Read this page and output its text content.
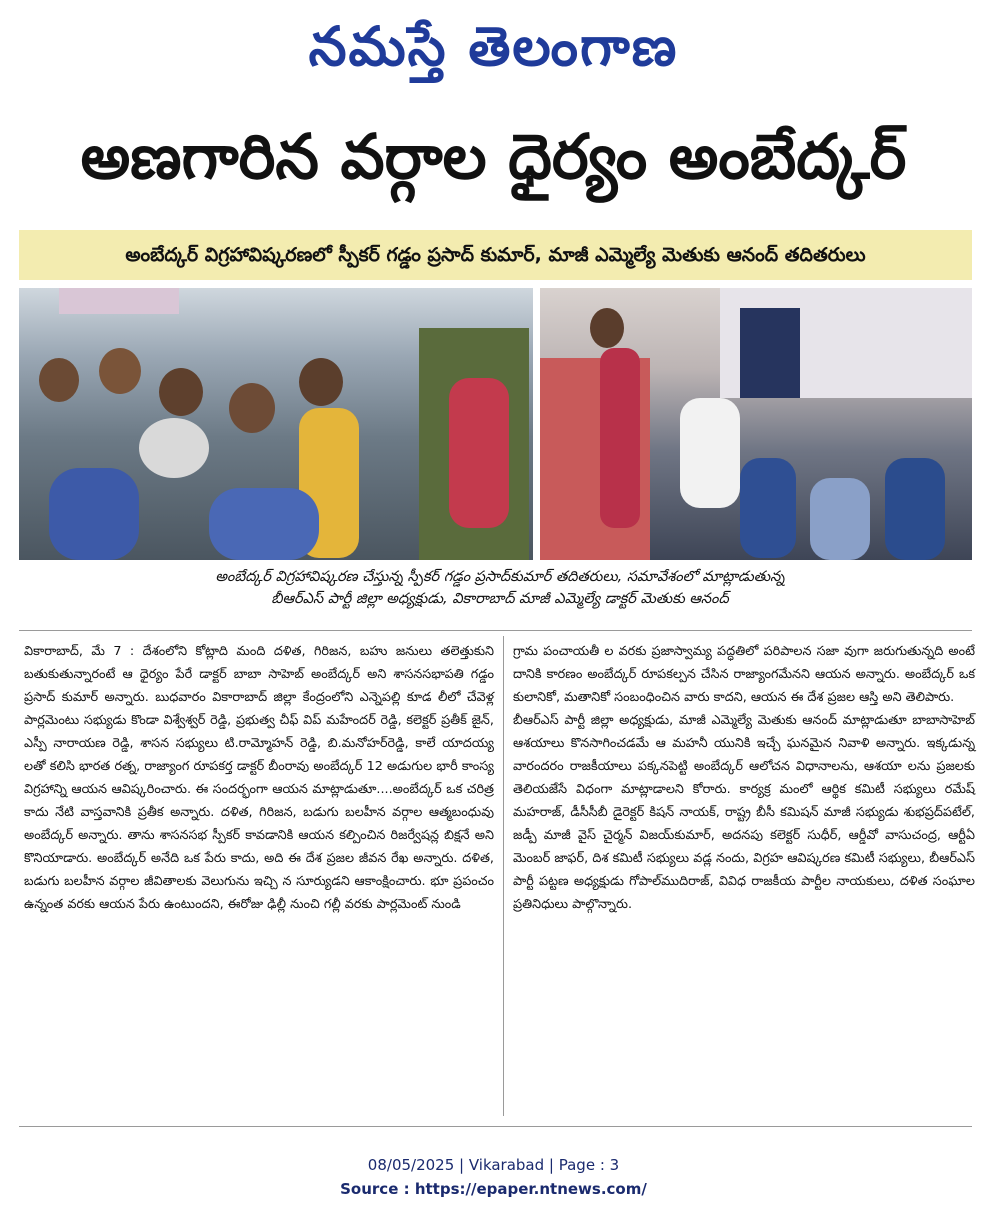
నమస్తే తెలంగాణ
అణగారిన వర్గాల ధైర్యం అంబేద్కర్
అంబేద్కర్ విగ్రహావిష్కరణలో స్పీకర్ గడ్డం ప్రసాద్ కుమార్, మాజీ ఎమ్మెల్యే మెతుకు ఆనంద్ తదితరులు
అంబేద్కర్ విగ్రహావిష్కరణ చేస్తున్న స్పీకర్ గడ్డం ప్రసాద్‌కుమార్ తదితరులు, సమావేశంలో మాట్లాడుతున్న
బీఆర్ఎస్ పార్టీ జిల్లా అధ్యక్షుడు, వికారాబాద్ మాజీ ఎమ్మెల్యే డాక్టర్ మెతుకు ఆనంద్

వికారాబాద్, మే 7 : దేశంలోని కోట్లాది మంది దళిత, గిరిజన, బహు జనులు తలెత్తుకుని బతుకుతున్నారంటే ఆ ధైర్యం పేరే డాక్టర్ బాబా సాహెబ్ అంబేద్కర్ అని శాసనసభాపతి గడ్డం ప్రసాద్ కుమార్ అన్నారు. బుధవారం వికారాబాద్ జిల్లా కేంద్రంలోని ఎన్నెపల్లి కూడ లీలో చేవెళ్ల పార్లమెంటు సభ్యుడు కొండా విశ్వేశ్వర్ రెడ్డి, ప్రభుత్వ చీఫ్ విప్ మహేందర్ రెడ్డి, కలెక్టర్ ప్రతీక్ జైన్, ఎస్పీ నారాయణ రెడ్డి, శాసన సభ్యులు టి.రామ్మోహన్ రెడ్డి, బి.మనోహర్‌రెడ్డి, కాలే యాదయ్య లతో కలిసి భారత రత్న, రాజ్యాంగ రూపకర్త డాక్టర్ బీంరావు అంబేద్కర్ 12 అడుగుల భారీ కాంస్య విగ్రహాన్ని ఆయన ఆవిష్కరించారు. ఈ సందర్భంగా ఆయన మాట్లాడుతూ....అంబేద్కర్ ఒక చరిత్ర కాదు నేటి వాస్తవానికి ప్రతీక అన్నారు. దళిత, గిరిజన, బడుగు బలహీన వర్గాల ఆత్మబంధువు అంబేద్కర్ అన్నారు. తాను శాసనసభ స్పీకర్ కావడానికి ఆయన కల్పించిన రిజర్వేషన్ల బిక్షనే అని కొనియాడారు. అంబేద్కర్ అనేది ఒక పేరు కాదు, అది ఈ దేశ ప్రజల జీవన రేఖ అన్నారు. దళిత, బడుగు బలహీన వర్గాల జీవితాలకు వెలుగును ఇచ్చి న సూర్యుడని ఆకాంక్షించారు. భూ ప్రపంచం ఉన్నంత వరకు ఆయన పేరు ఉంటుందని, ఈరోజు ఢిల్లీ నుంచి గల్లీ వరకు పార్లమెంట్ నుండి

గ్రామ పంచాయతీ ల వరకు ప్రజాస్వామ్య పద్ధతిలో పరిపాలన సజా వుగా జరుగుతున్నది అంటే దానికి కారణం అంబేద్కర్ రూపకల్పన చేసిన రాజ్యాంగమేనని ఆయన అన్నారు. అంబేద్కర్ ఒక కులానికో, మతానికో సంబంధించిన వారు కాదని, ఆయన ఈ దేశ ప్రజల ఆస్తి అని తెలిపారు.

బీఆర్ఎస్ పార్టీ జిల్లా అధ్యక్షుడు, మాజీ ఎమ్మెల్యే మెతుకు ఆనంద్ మాట్లాడుతూ బాబాసాహెబ్ ఆశయాలు కొనసాగించడమే ఆ మహనీ యునికి ఇచ్చే ఘనమైన నివాళి అన్నారు. ఇక్కడున్న వారందరం రాజకీయాలు పక్కనపెట్టి అంబేద్కర్ ఆలోచన విధానాలను, ఆశయా లను ప్రజలకు తెలియజేసే విధంగా మాట్లాడాలని కోరారు. కార్యక్ర మంలో ఆర్థిక కమిటీ సభ్యులు రమేష్ మహరాజ్, డీసీసీబీ డైరెక్టర్ కిషన్ నాయక్, రాష్ట్ర బీసీ కమిషన్ మాజీ సభ్యుడు శుభప్రద్‌పటేల్, జడ్పీ మాజీ వైస్ చైర్మన్ విజయ్‌కుమార్, అదనపు కలెక్టర్ సుధీర్, ఆర్డీవో వాసుచంద్ర, ఆర్టీఏ మెంబర్ జాఫర్, దిశ కమిటీ సభ్యులు వడ్ల నందు, విగ్రహ ఆవిష్కరణ కమిటీ సభ్యులు, బీఆర్ఎస్ పార్టీ పట్టణ అధ్యక్షుడు గోపాల్‌ముదిరాజ్, వివిధ రాజకీయ పార్టీల నాయకులు, దళిత సంఘాల ప్రతినిధులు పాల్గొన్నారు.

08/05/2025 | Vikarabad | Page : 3
Source : https://epaper.ntnews.com/
